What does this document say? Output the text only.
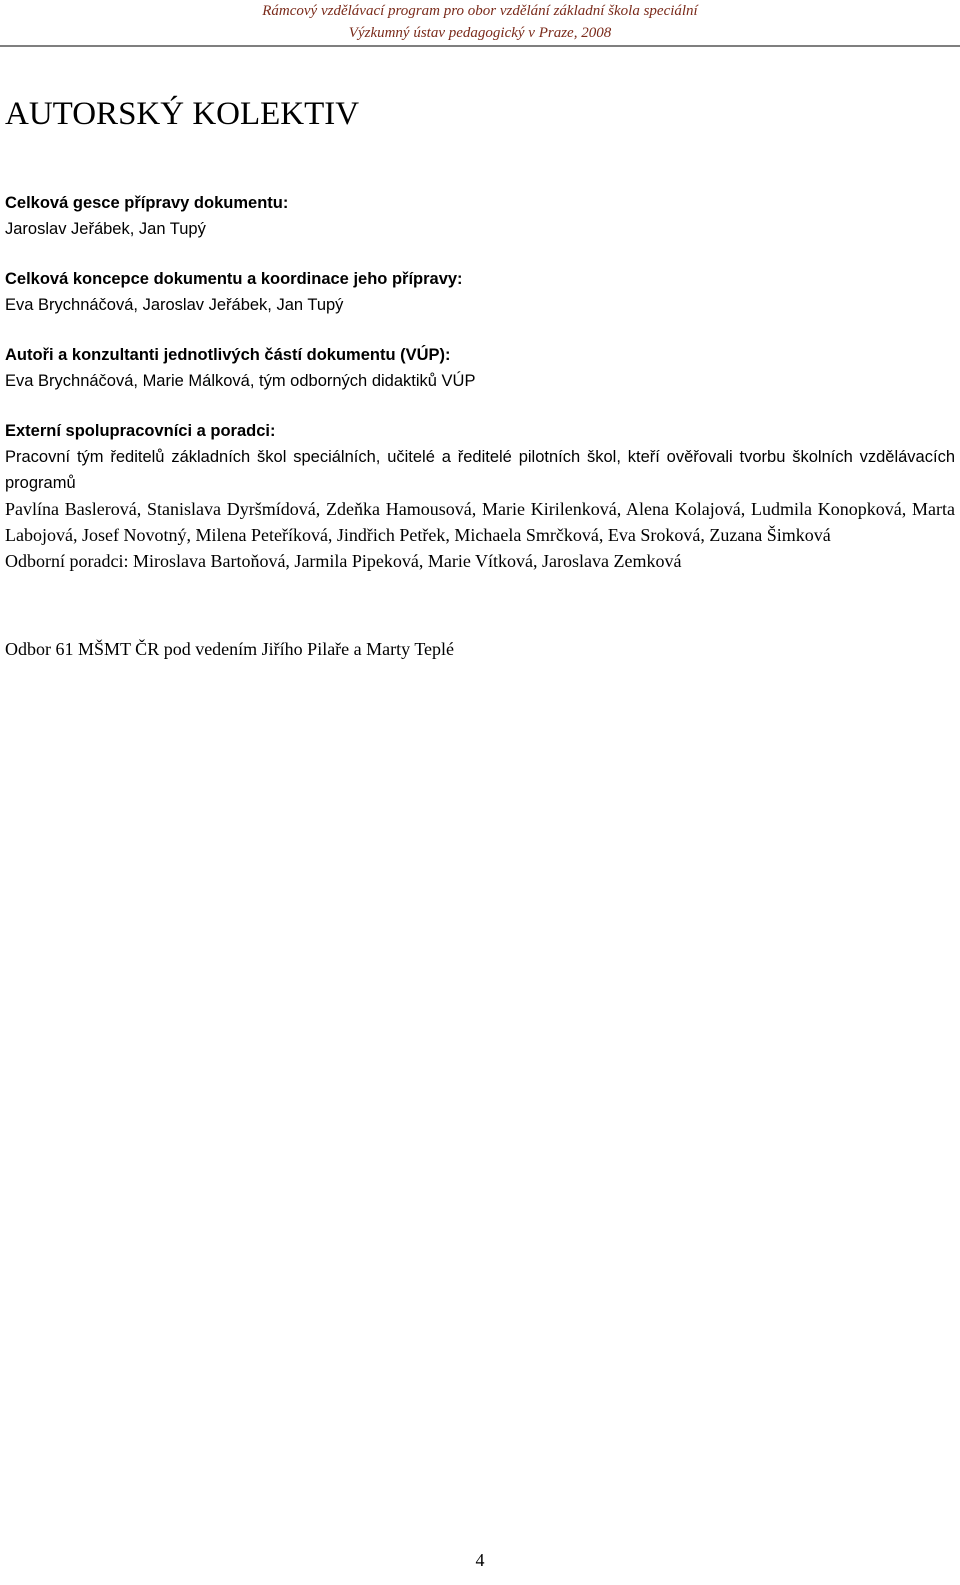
Rámcový vzdělávací program pro obor vzdělání základní škola speciální
Výzkumný ústav pedagogický v Praze, 2008
AUTORSKÝ KOLEKTIV

Celková gesce přípravy dokumentu:

Jaroslav Jeřábek, Jan Tupý

Celková koncepce dokumentu a koordinace jeho přípravy:

Eva Brychnáčová, Jaroslav Jeřábek, Jan Tupý

Autoři a konzultanti jednotlivých částí dokumentu (VÚP):

Eva Brychnáčová, Marie Málková, tým odborných didaktiků VÚP

Externí spolupracovníci a poradci:

Pracovní tým ředitelů základních škol speciálních, učitelé a ředitelé pilotních škol, kteří ověřovali tvorbu školních vzdělávacích programů

Pavlína Baslerová, Stanislava Dyršmídová, Zdeňka Hamousová, Marie Kirilenková, Alena Kolajová, Ludmila Konopková, Marta Labojová, Josef Novotný, Milena Peteříková, Jindřich Petřek, Michaela Smrčková, Eva Sroková, Zuzana Šimková

Odborní poradci: Miroslava Bartoňová, Jarmila Pipeková, Marie Vítková, Jaroslava Zemková

Odbor 61 MŠMT ČR pod vedením Jiřího Pilaře a Marty Teplé

4
